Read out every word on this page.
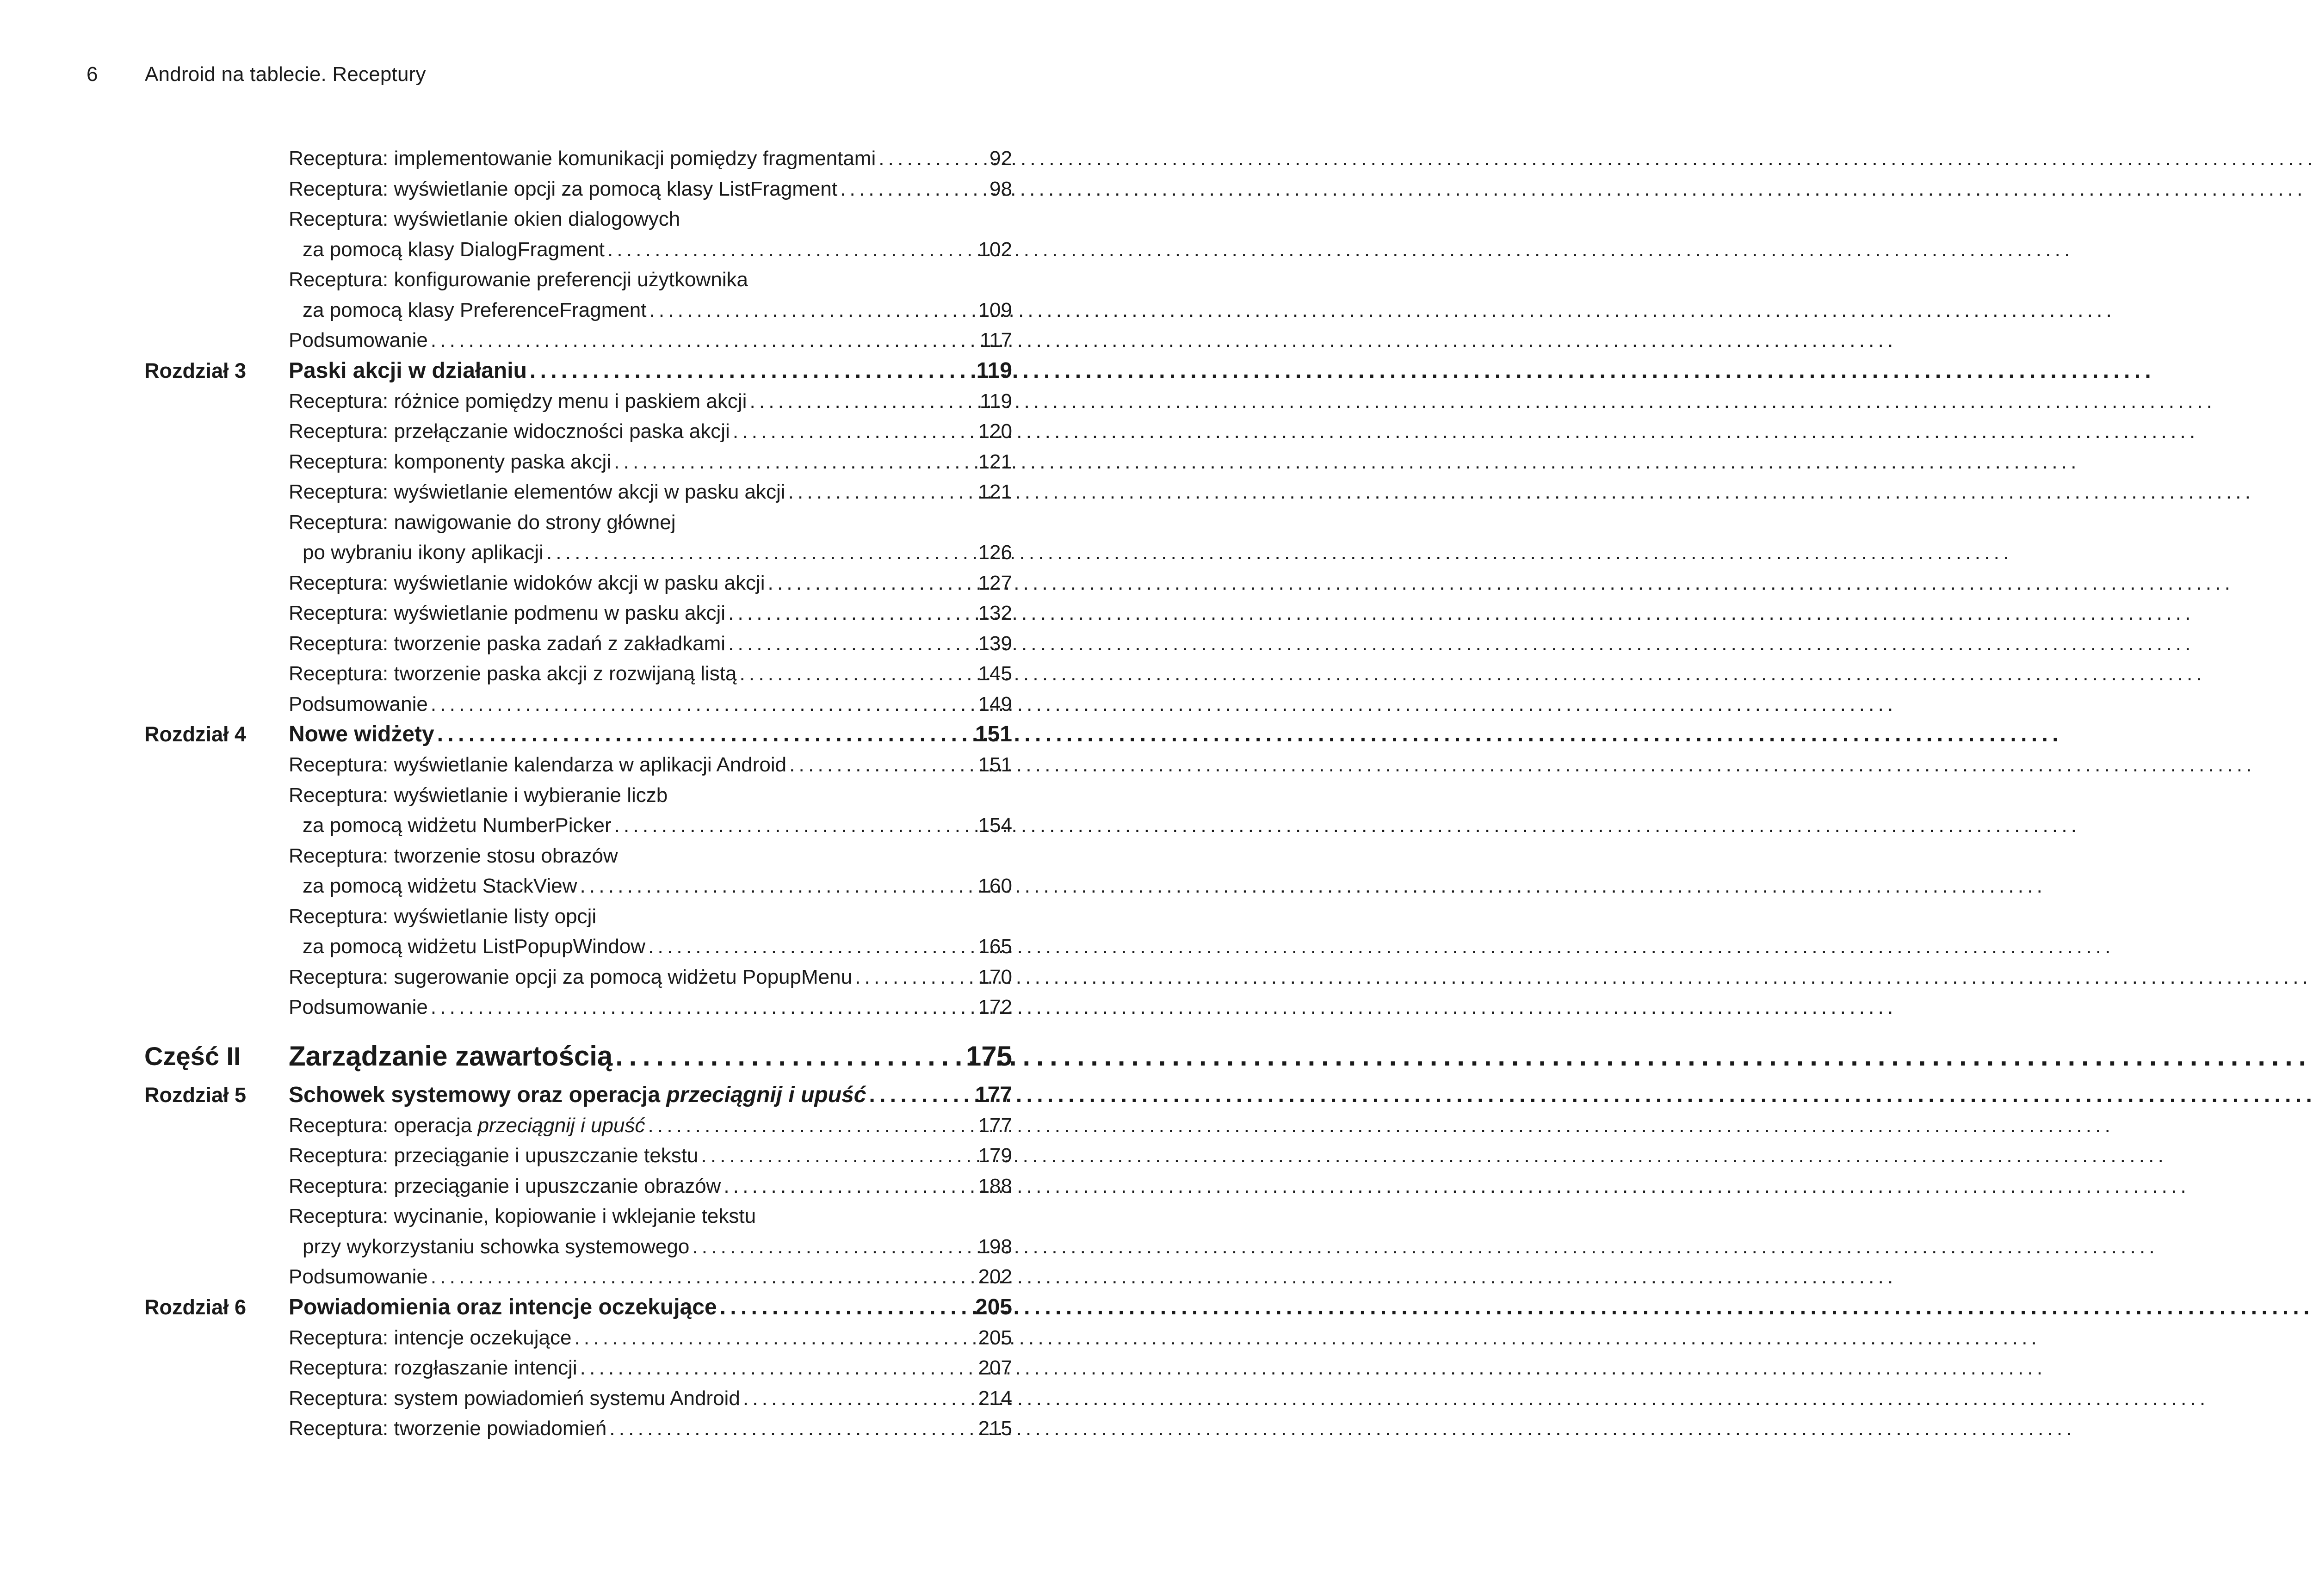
6 Android na tablecie. Receptury
Receptura: implementowanie komunikacji pomiędzy fragmentami . . .	92
Receptura: wyświetlanie opcji za pomocą klasy ListFragment . . .	98
Receptura: wyświetlanie okien dialogowych
za pomocą klasy DialogFragment . . .	102
Receptura: konfigurowanie preferencji użytkownika
za pomocą klasy PreferenceFragment . . .	109
Podsumowanie . . .	117
Rozdział 3 Paski akcji w działaniu . . .	119
Receptura: różnice pomiędzy menu i paskiem akcji . . .	119
Receptura: przełączanie widoczności paska akcji . . .	120
Receptura: komponenty paska akcji . . .	121
Receptura: wyświetlanie elementów akcji w pasku akcji . . .	121
Receptura: nawigowanie do strony głównej
po wybraniu ikony aplikacji . . .	126
Receptura: wyświetlanie widoków akcji w pasku akcji . . .	127
Receptura: wyświetlanie podmenu w pasku akcji . . .	132
Receptura: tworzenie paska zadań z zakładkami . . .	139
Receptura: tworzenie paska akcji z rozwijaną listą . . .	145
Podsumowanie . . .	149
Rozdział 4 Nowe widżety . . .	151
Receptura: wyświetlanie kalendarza w aplikacji Android . . .	151
Receptura: wyświetlanie i wybieranie liczb
za pomocą widżetu NumberPicker . . .	154
Receptura: tworzenie stosu obrazów
za pomocą widżetu StackView . . .	160
Receptura: wyświetlanie listy opcji
za pomocą widżetu ListPopupWindow . . .	165
Receptura: sugerowanie opcji za pomocą widżetu PopupMenu . . .	170
Podsumowanie . . .	172
Część II Zarządzanie zawartością . . .	175
Rozdział 5 Schowek systemowy oraz operacja przeciągnij i upuść . . .	177
Receptura: operacja przeciągnij i upuść . . .	177
Receptura: przeciąganie i upuszczanie tekstu . . .	179
Receptura: przeciąganie i upuszczanie obrazów . . .	188
Receptura: wycinanie, kopiowanie i wklejanie tekstu
przy wykorzystaniu schowka systemowego . . .	198
Podsumowanie . . .	202
Rozdział 6 Powiadomienia oraz intencje oczekujące . . .	205
Receptura: intencje oczekujące . . .	205
Receptura: rozgłaszanie intencji . . .	207
Receptura: system powiadomień systemu Android . . .	214
Receptura: tworzenie powiadomień . . .	215
